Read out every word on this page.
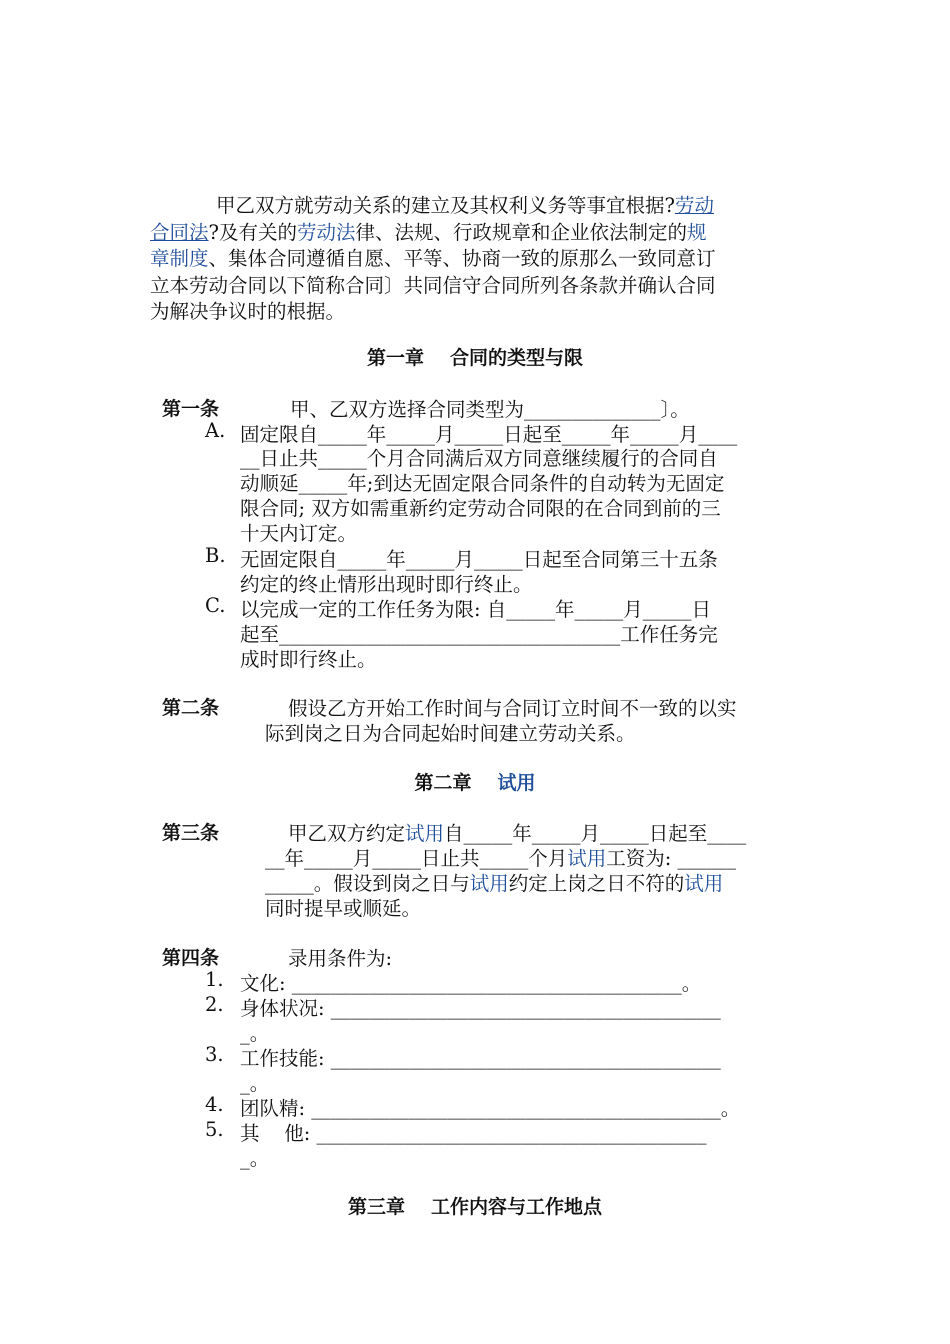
甲乙双方就劳动关系的建立及其权利义务等事宜根据?劳动
合同法?及有关的劳动法律、法规、行政规章和企业依法制定的规
章制度、集体合同遵循自愿、平等、协商一致的原那么一致同意订
立本劳动合同以下简称合同〕共同信守合同所列各条款并确认合同
为解决争议时的根据。
第一章 合同的类型与限
第一条	甲、乙双方选择合同类型为______________〕。
A. 固定限自_____年_____月_____日起至_____年_____月____
__日止共_____个月合同满后双方同意继续履行的合同自
动顺延_____年;到达无固定限合同条件的自动转为无固定
限合同; 双方如需重新约定劳动合同限的在合同到前的三
十天内订定。
B. 无固定限自_____年_____月_____日起至合同第三十五条
约定的终止情形出现时即行终止。
C. 以完成一定的工作任务为限: 自_____年_____月_____日
起至___________________________________工作任务完
成时即行终止。
第二条	假设乙方开始工作时间与合同订立时间不一致的以实
际到岗之日为合同起始时间建立劳动关系。
第二章 试用
第三条	甲乙双方约定试用自_____年_____月_____日起至____
__年_____月_____日止共_____个月试用工资为: ______
_____。假设到岗之日与试用约定上岗之日不符的试用
同时提早或顺延。
第四条	录用条件为:
1. 文化: ________________________________________。
2. 身体状况: ________________________________________
_。
3. 工作技能: ________________________________________
_。
4. 团队精: __________________________________________。
5. 其    他: ________________________________________
_。
第三章 工作内容与工作地点
